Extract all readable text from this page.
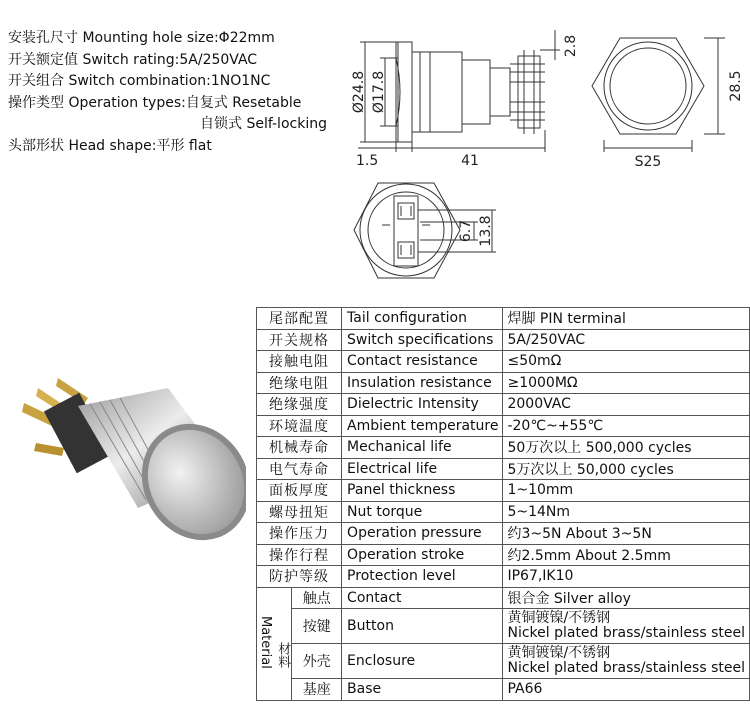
安装孔尺寸 Mounting hole size:Φ22mm
开关额定值 Switch rating:5A/250VAC
开关组合 Switch combination:1NO1NC
操作类型 Operation types:自复式 Resetable
自锁式 Self-locking
头部形状 Head shape:平形 flat
Ø24.8 Ø17.8
1.5	41
2.8
28.5
S25
6.7 13.8
尾部配置		Tail configuration	焊脚 PIN terminal
开关规格		Switch specifications	5A/250VAC
接触电阻		Contact resistance	≤50mΩ
绝缘电阻		Insulation resistance	≥1000MΩ
绝缘强度		Dielectric Intensity	2000VAC
环境温度		Ambient temperature	-20℃~+55℃
机械寿命		Mechanical life	50万次以上 500,000 cycles
电气寿命		Electrical life	5万次以上 50,000 cycles
面板厚度		Panel thickness	1~10mm
螺母扭矩		Nut torque	5~14Nm
操作压力		Operation pressure	约3~5N About 3~5N
操作行程		Operation stroke	约2.5mm About 2.5mm
防护等级		Protection level	IP67,IK10
Material 材料	触点	Contact	银合金 Silver alloy
	按键	Button	黄铜镀镍/不锈钢
Nickel plated brass/stainless steel

	外壳	Enclosure	黄铜镀镍/不锈钢
Nickel plated brass/stainless steel

	基座	Base	PA66
